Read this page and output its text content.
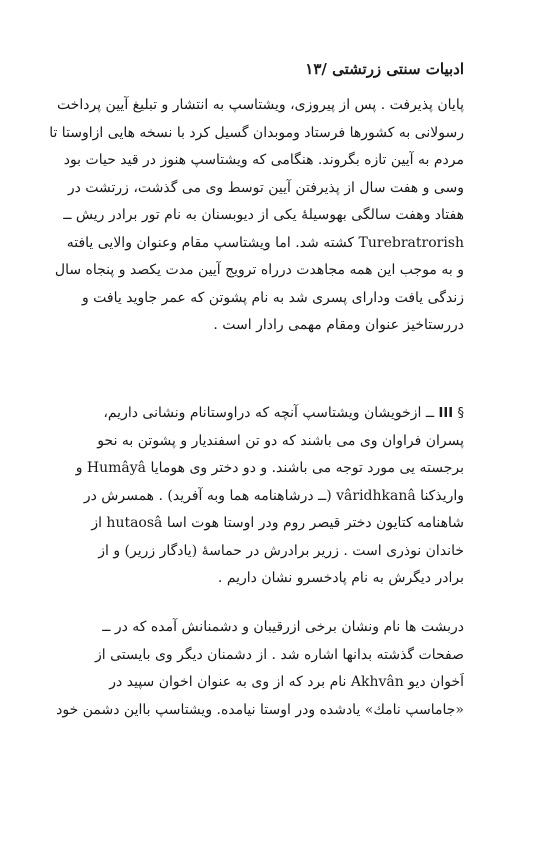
ادبیات سنتی زرتشتی /۱۳
پایان پذیرفت . پس از پیروزی، ویشتاسپ به انتشار و تبلیغ آیین پرداخت
رسولانی به کشورها فرستاد وموبدان گسیل کرد با نسخه هایی ازاوستا تا
مردم به آیین تازه بگروند. هنگامی که ویشتاسپ هنوز در قید حیات بود
وسی و هفت سال از پذیرفتن آیین توسط وی می گذشت، زرتشت در
هفتاد وهفت سالگی بهوسیلهٔ یکی از دیوبسنان به نام تور برادر ریش ــ
Turebratrorish کشته شد. اما ویشتاسپ مقام وعنوان والایی یافته
و به موجب این همه مجاهدت درراه ترویج آیین مدت یکصد و پنجاه سال
زندگی یافت ودارای پسری شد به نام پشوتن که عمر جاوید یافت و
دررستاخیز عنوان ومقام مهمی رادار است .
§ III ــ ازخویشان ویشتاسپ آنچه که دراوستانام ونشانی داریم،
پسران فراوان وی می باشند که دو تن اسفندیار و پشوتن به نحو
برجسته یی مورد توجه می باشند. و دو دختر وی هومایا Humâyâ و
واریذکنا vâridhkanâ (ــ درشاهنامه هما وبه آفرید) . همسرش در
شاهنامه کتایون دختر قیصر روم ودر اوستا هوت اسا hutaosâ از
خاندان نوذری است . زریر برادرش در حماسهٔ (یادگار زریر) و از
برادر دیگرش به نام پادخسرو نشان داریم .
دربشت ها نام ونشان برخی ازرقیبان و دشمنانش آمده که در ــ
صفحات گذشته بدانها اشاره شد . از دشمنان دیگر وی بایستی از
اَخوان دیو Akhvân نام برد که از وی به عنوان اخوان سپید در
«جاماسپ نامك» یادشده ودر اوستا نیامده. ویشتاسپ بااین دشمن خود
